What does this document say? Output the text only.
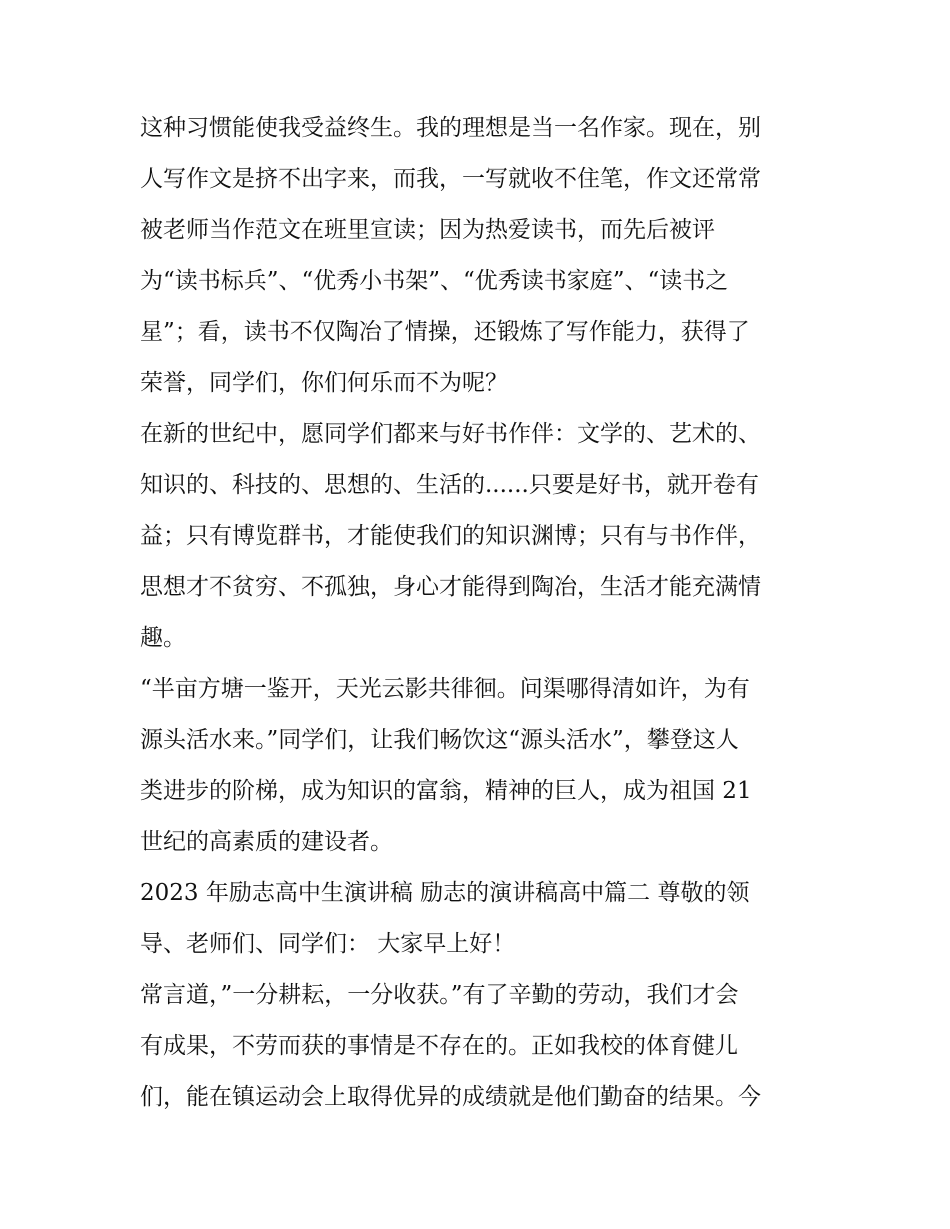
这种习惯能使我受益终生。我的理想是当一名作家。现在，别
人写作文是挤不出字来，而我，一写就收不住笔，作文还常常
被老师当作范文在班里宣读；因为热爱读书，而先后被评
为“读书标兵”、“优秀小书架”、“优秀读书家庭”、“读书之
星”；看，读书不仅陶冶了情操，还锻炼了写作能力，获得了
荣誉，同学们，你们何乐而不为呢？
在新的世纪中，愿同学们都来与好书作伴：文学的、艺术的、
知识的、科技的、思想的、生活的......只要是好书，就开卷有
益；只有博览群书，才能使我们的知识渊博；只有与书作伴，
思想才不贫穷、不孤独，身心才能得到陶冶，生活才能充满情
趣。
“半亩方塘一鉴开，天光云影共徘徊。问渠哪得清如许，为有
源头活水来。”同学们，让我们畅饮这“源头活水”，攀登这人
类进步的阶梯，成为知识的富翁，精神的巨人，成为祖国 21
世纪的高素质的建设者。
2023 年励志高中生演讲稿 励志的演讲稿高中篇二 尊敬的领
导、老师们、同学们： 大家早上好！
常言道，”一分耕耘，一分收获。”有了辛勤的劳动，我们才会
有成果，不劳而获的事情是不存在的。正如我校的体育健儿
们，能在镇运动会上取得优异的成绩就是他们勤奋的结果。今
